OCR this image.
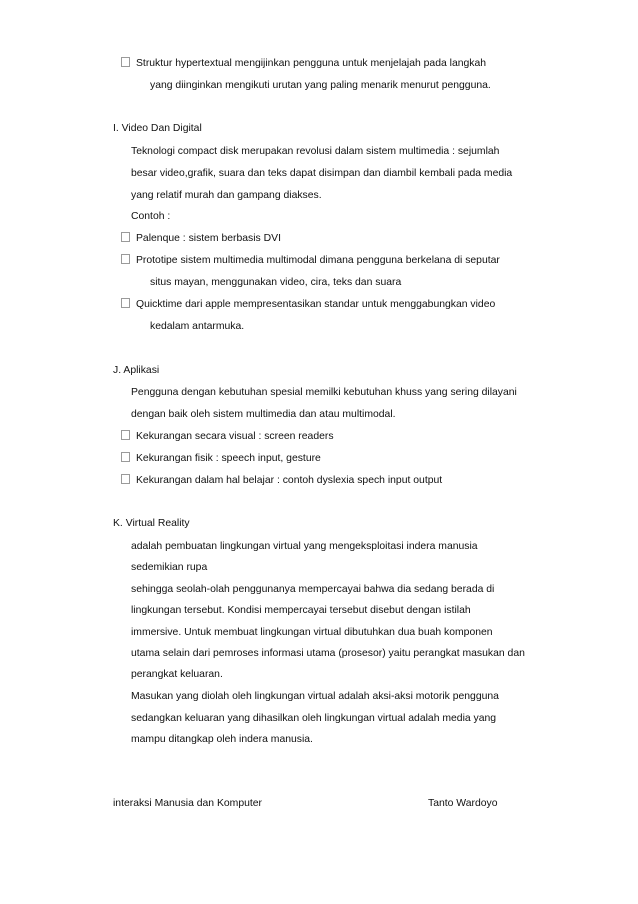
Struktur hypertextual mengijinkan pengguna untuk menjelajah pada langkah
yang diinginkan mengikuti urutan yang paling menarik menurut pengguna.
I. Video Dan Digital
Teknologi compact disk merupakan revolusi dalam sistem multimedia : sejumlah
besar video,grafik, suara dan teks dapat disimpan dan diambil kembali pada media
yang relatif murah dan gampang diakses.
Contoh :
Palenque : sistem berbasis DVI
Prototipe sistem multimedia multimodal dimana pengguna berkelana di seputar
situs mayan, menggunakan video, cira, teks dan suara
Quicktime dari apple mempresentasikan standar untuk menggabungkan video
kedalam antarmuka.
J. Aplikasi
Pengguna dengan kebutuhan spesial memilki kebutuhan khuss yang sering dilayani
dengan baik oleh sistem multimedia dan atau multimodal.
Kekurangan secara visual : screen readers
Kekurangan fisik : speech input, gesture
Kekurangan dalam hal belajar : contoh dyslexia spech input output
K. Virtual Reality
adalah pembuatan lingkungan virtual yang mengeksploitasi indera manusia
sedemikian rupa
sehingga seolah-olah penggunanya mempercayai bahwa dia sedang berada di
lingkungan tersebut. Kondisi mempercayai tersebut disebut dengan istilah
immersive. Untuk membuat lingkungan virtual dibutuhkan dua buah komponen
utama selain dari pemroses informasi utama (prosesor) yaitu perangkat masukan dan
perangkat keluaran.
Masukan yang diolah oleh lingkungan virtual adalah aksi-aksi motorik pengguna
sedangkan keluaran yang dihasilkan oleh lingkungan virtual adalah media yang
mampu ditangkap oleh indera manusia.
interaksi Manusia dan Komputer	Tanto Wardoyo
